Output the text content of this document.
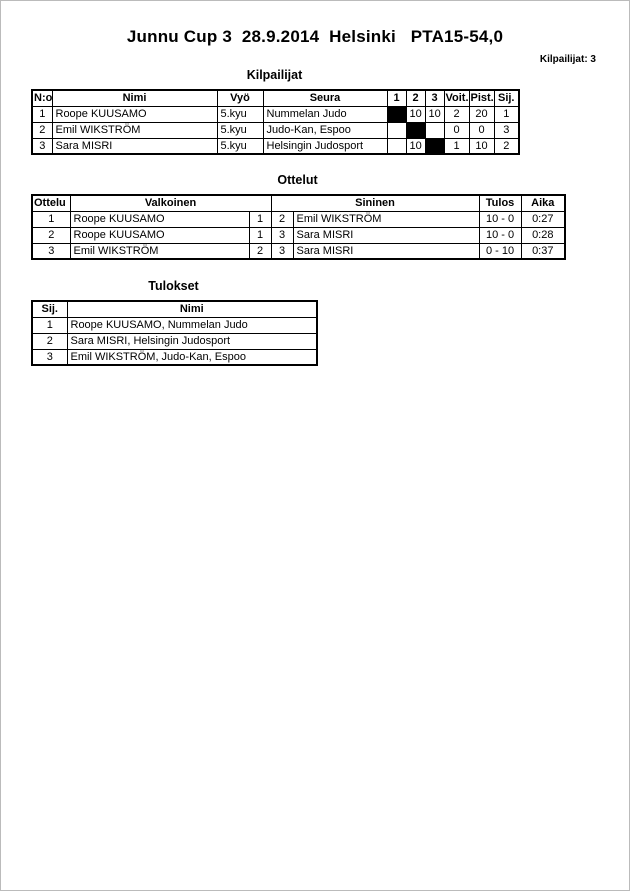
Junnu Cup 3  28.9.2014  Helsinki   PTA15-54,0
Kilpailijat: 3
Kilpailijat
N:o	Nimi	Vyö	Seura	1	2	3	Voit.	Pist.	Sij.
1	Roope KUUSAMO	5.kyu	Nummelan Judo		10	10	2	20	1
2	Emil WIKSTRÖM	5.kyu	Judo-Kan, Espoo				0	0	3
3	Sara MISRI	5.kyu	Helsingin Judosport		10		1	10	2
Ottelut
Ottelu	Valkoinen		Sininen		Tulos	Aika
1	Roope KUUSAMO	1	2	Emil WIKSTRÖM	10 - 0	0:27
2	Roope KUUSAMO	1	3	Sara MISRI	10 - 0	0:28
3	Emil WIKSTRÖM	2	3	Sara MISRI	0 - 10	0:37
Tulokset
Sij.	Nimi
1	Roope KUUSAMO, Nummelan Judo
2	Sara MISRI, Helsingin Judosport
3	Emil WIKSTRÖM, Judo-Kan, Espoo
